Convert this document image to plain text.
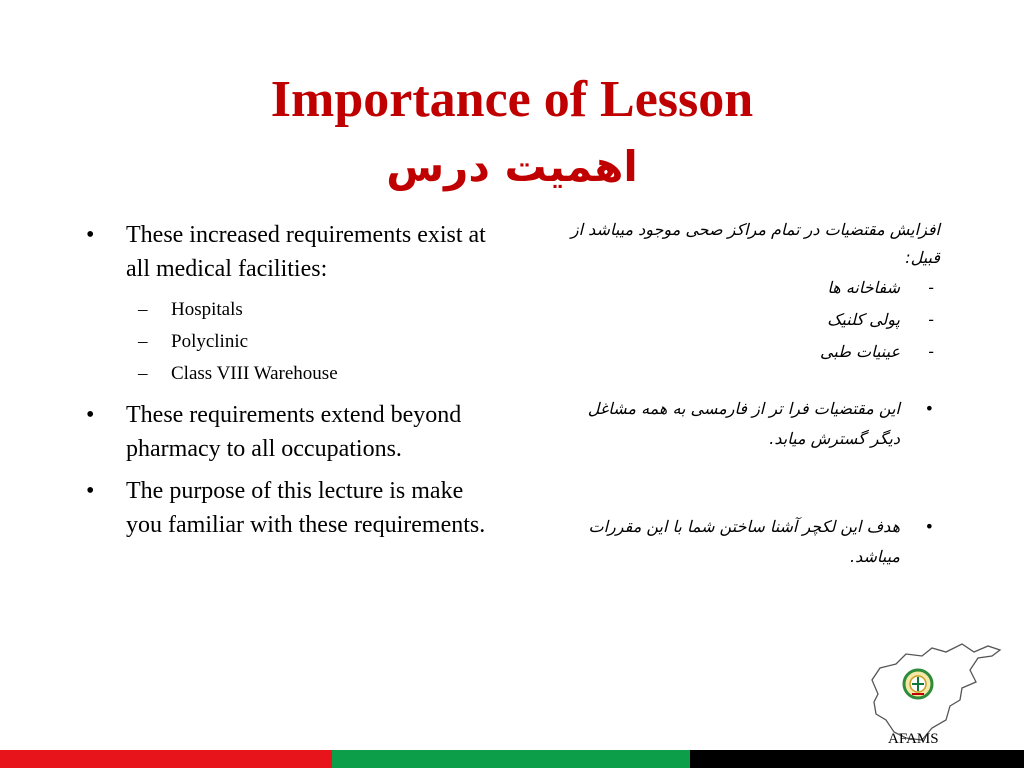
Importance of Lesson
اهمیت درس
• These increased requirements exist at all medical facilities:
– Hospitals
– Polyclinic
– Class VIII Warehouse
• These requirements extend beyond pharmacy to all occupations.
• The purpose of this lecture is make you familiar with these requirements.
افزایش مقتضیات در تمام مراکز صحی موجود میباشد از قبیل:
-
شفاخانه ها
-
پولی کلنیک
-
عینیات طبی
•
این مقتضیات فرا تر از فارمسی به همه مشاغل دیگر گسترش میابد.
•
هدف این لکچر آشنا ساختن شما با این مقررات میباشد.
AFAMS
